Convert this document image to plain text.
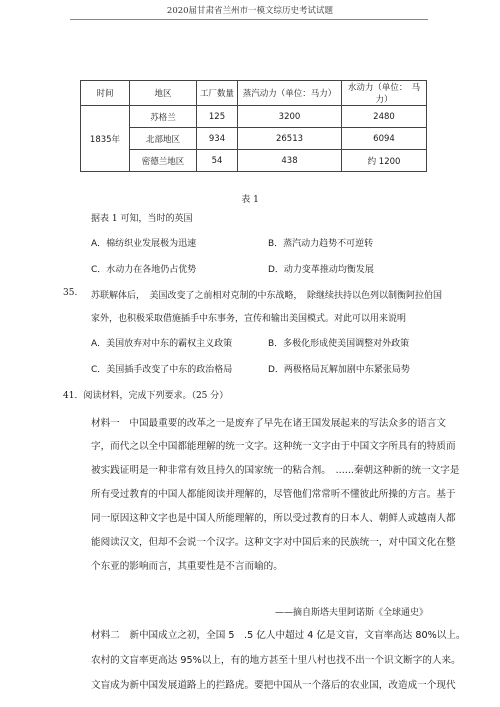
2020届甘肃省兰州市一模文综历史考试试题
时间	地区	工厂数量	蒸汽动力（单位：马力）	水动力（单位：　马力）
1835年	苏格兰	125	3200	2480
	北部地区	934	26513	6094
	密德兰地区	54	438	约 1200
表 1
据表 1 可知，当时的英国
A．棉纺织业发展极为迅速	B．蒸汽动力趋势不可逆转
C．水动力在各地仍占优势	D．动力变革推动均衡发展
35. 苏联解体后，　美国改变了之前相对克制的中东战略，　除继续扶持以色列以制衡阿拉伯国
家外，也积极采取借施插手中东事务，宣传和输出美国模式。对此可以用来说明
A．美国放弃对中东的霸权主义政策	B．多极化形成使美国调整对外政策
C．美国插手改变了中东的政治格局	D．两极格局瓦解加剧中东紧张局势
41．阅读材料，完成下列要求。（25 分）
材料一　中国最重要的改革之一是废弃了早先在诸王国发展起来的写法众多的语言文
字，而代之以全中国都能理解的统一文字。这种统一文字由于中国文字所具有的特质而
被实践证明是一种非常有效且持久的国家统一的粘合剂。　......秦朝这种新的统一文字是
所有受过教育的中国人都能阅读并理解的，尽管他们常常听不懂彼此所操的方言。基于
同一原因这种文字也是中国人所能理解的，所以受过教育的日本人、朝鲜人或越南人都
能阅读汉文，但却不会说一个汉字。这种文字对中国后来的民族统一，对中国文化在整
个东亚的影响而言，其重要性是不言而喻的。
——摘自斯塔夫里阿诺斯《全球通史》
材料二　新中国成立之初，全国 5　.5 亿人中超过 4 亿是文盲，文盲率高达 80%以上。
农村的文盲率更高达 95%以上，有的地方甚至十里八村也找不出一个识文断字的人来。
文盲成为新中国发展道路上的拦路虎。要把中国从一个落后的农业国，改造成一个现代
